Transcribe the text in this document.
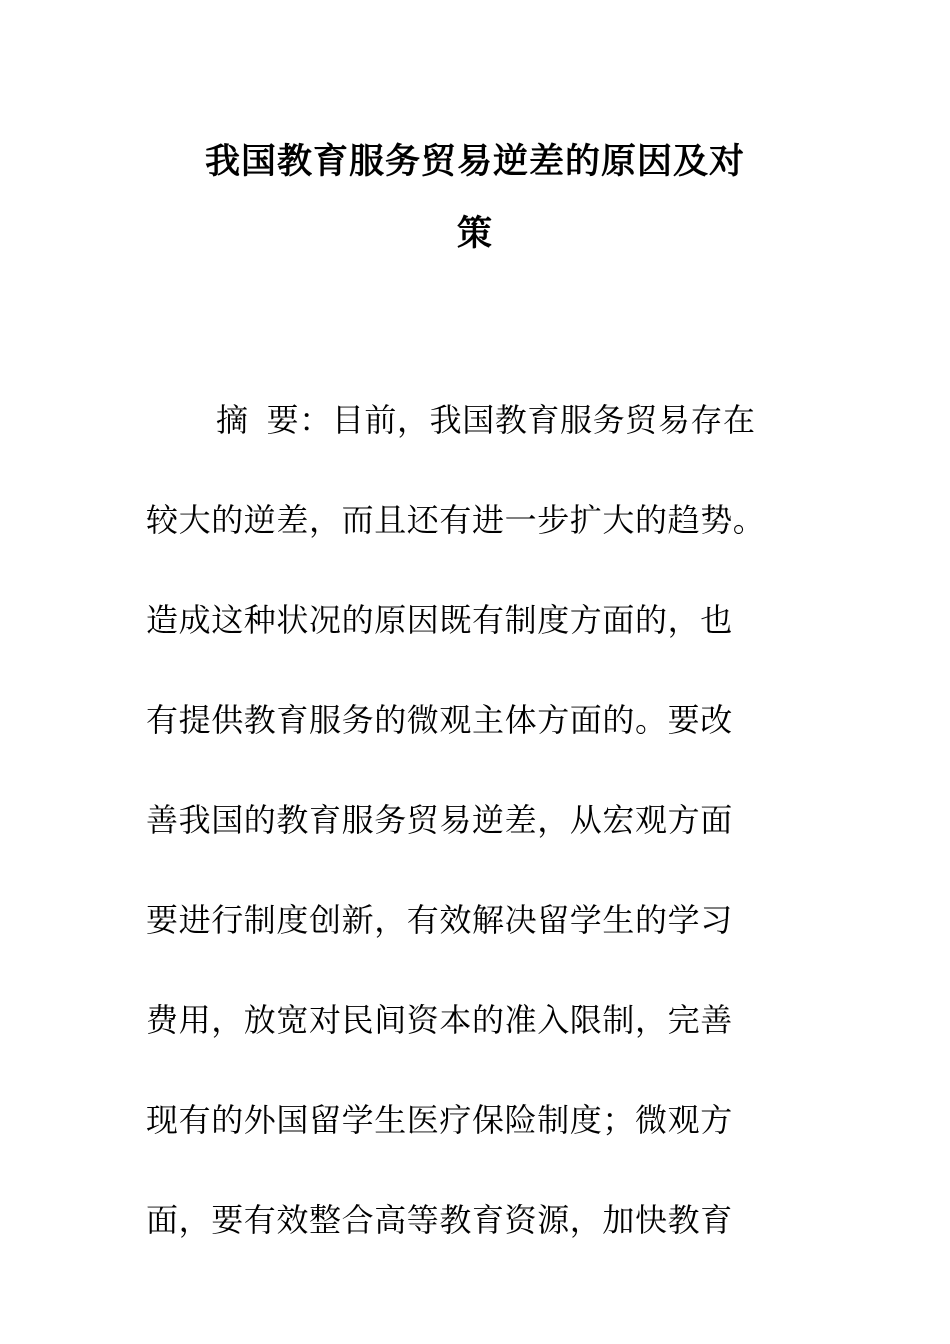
我国教育服务贸易逆差的原因及对
策
摘 要：目前，我国教育服务贸易存在
较大的逆差，而且还有进一步扩大的趋势。
造成这种状况的原因既有制度方面的，也
有提供教育服务的微观主体方面的。要改
善我国的教育服务贸易逆差，从宏观方面
要进行制度创新，有效解决留学生的学习
费用，放宽对民间资本的准入限制，完善
现有的外国留学生医疗保险制度；微观方
面，要有效整合高等教育资源，加快教育
